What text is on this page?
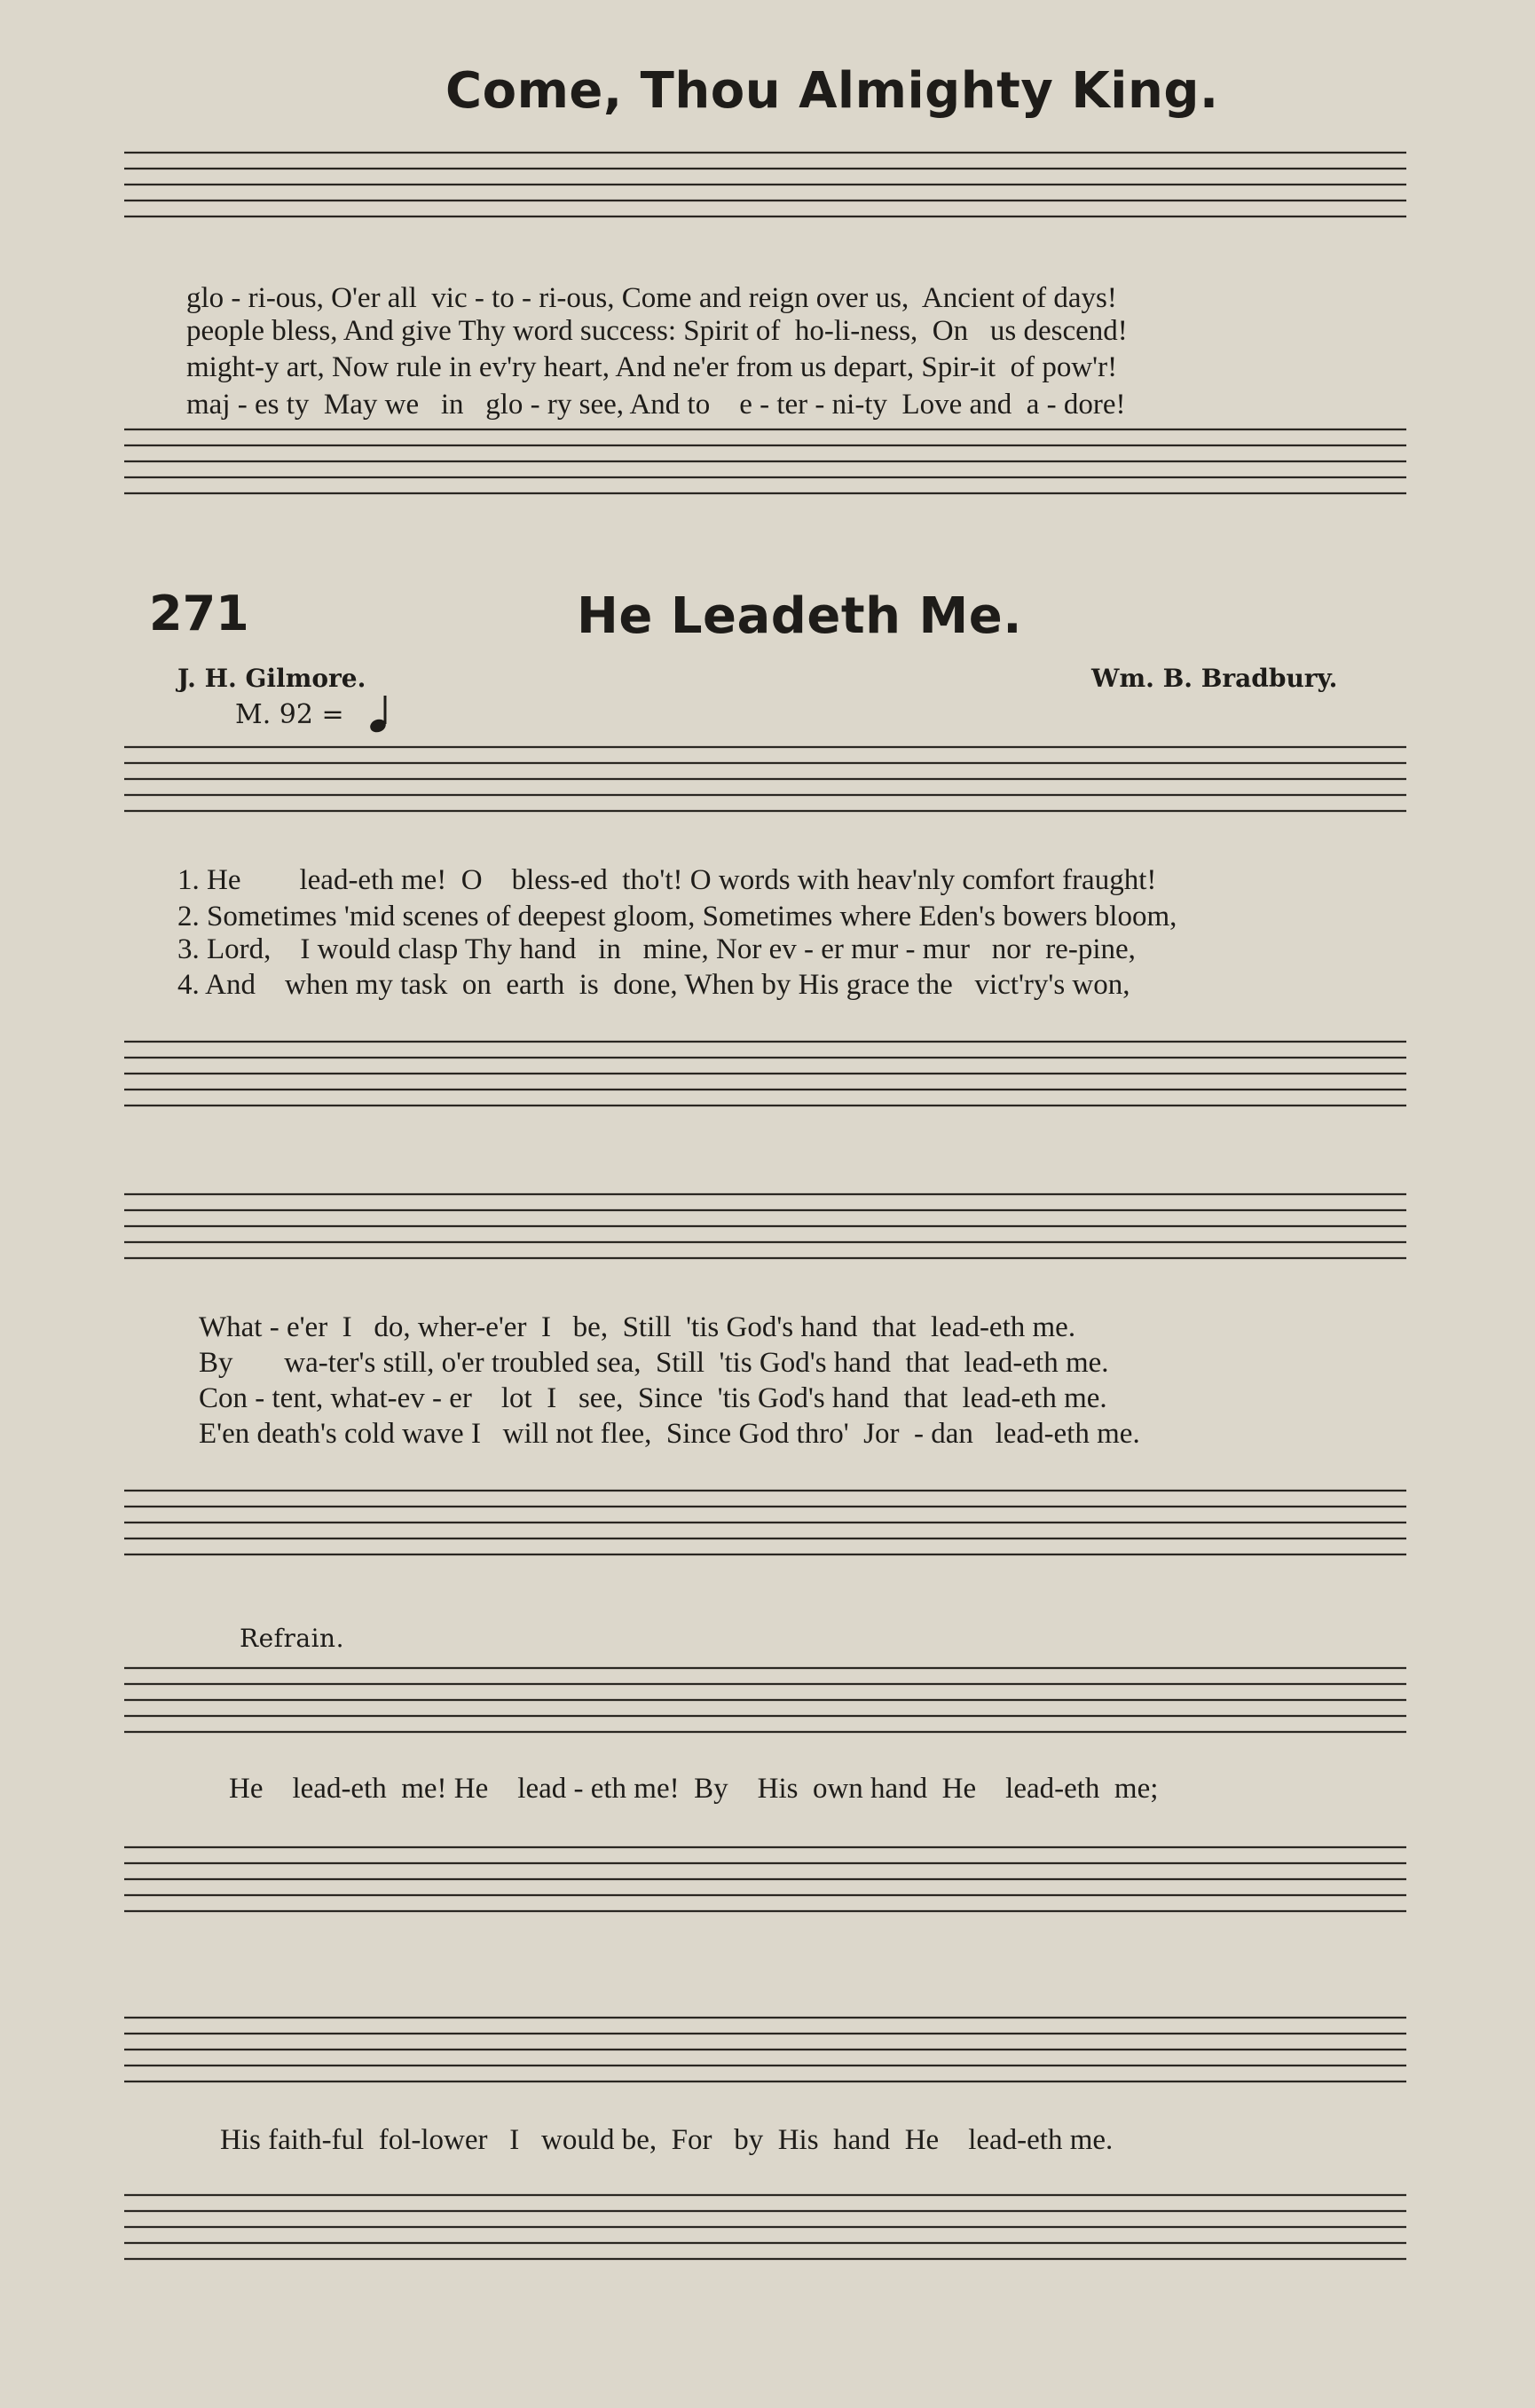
Come, Thou Almighty King.
glo - ri-ous, O'er all  vic - to - ri-ous, Come and reign over us,  Ancient of days!
people bless, And give Thy word success: Spirit of  ho-li-ness,  On   us descend!
might-y art, Now rule in ev'ry heart, And ne'er from us depart, Spir-it  of pow'r!
maj - es ty  May we   in   glo - ry see, And to    e - ter - ni-ty  Love and  a - dore!
271	He Leadeth Me.
J. H. Gilmore.	Wm. B. Bradbury.
M. 92 =
1. He        lead-eth me!  O    bless-ed  tho't! O words with heav'nly comfort fraught!
2. Sometimes 'mid scenes of deepest gloom, Sometimes where Eden's bowers bloom,
3. Lord,    I would clasp Thy hand   in   mine, Nor ev - er mur - mur   nor  re-pine,
4. And    when my task  on  earth  is  done, When by His grace the   vict'ry's won,
What - e'er  I   do, wher-e'er  I   be,  Still  'tis God's hand  that  lead-eth me.
By       wa-ter's still, o'er troubled sea,  Still  'tis God's hand  that  lead-eth me.
Con - tent, what-ev - er    lot  I   see,  Since  'tis God's hand  that  lead-eth me.
E'en death's cold wave I   will not flee,  Since God thro'  Jor  - dan   lead-eth me.
Refrain.
He    lead-eth  me! He    lead - eth me!  By    His  own hand  He    lead-eth  me;
His faith-ful  fol-lower   I   would be,  For   by  His  hand  He    lead-eth me.
